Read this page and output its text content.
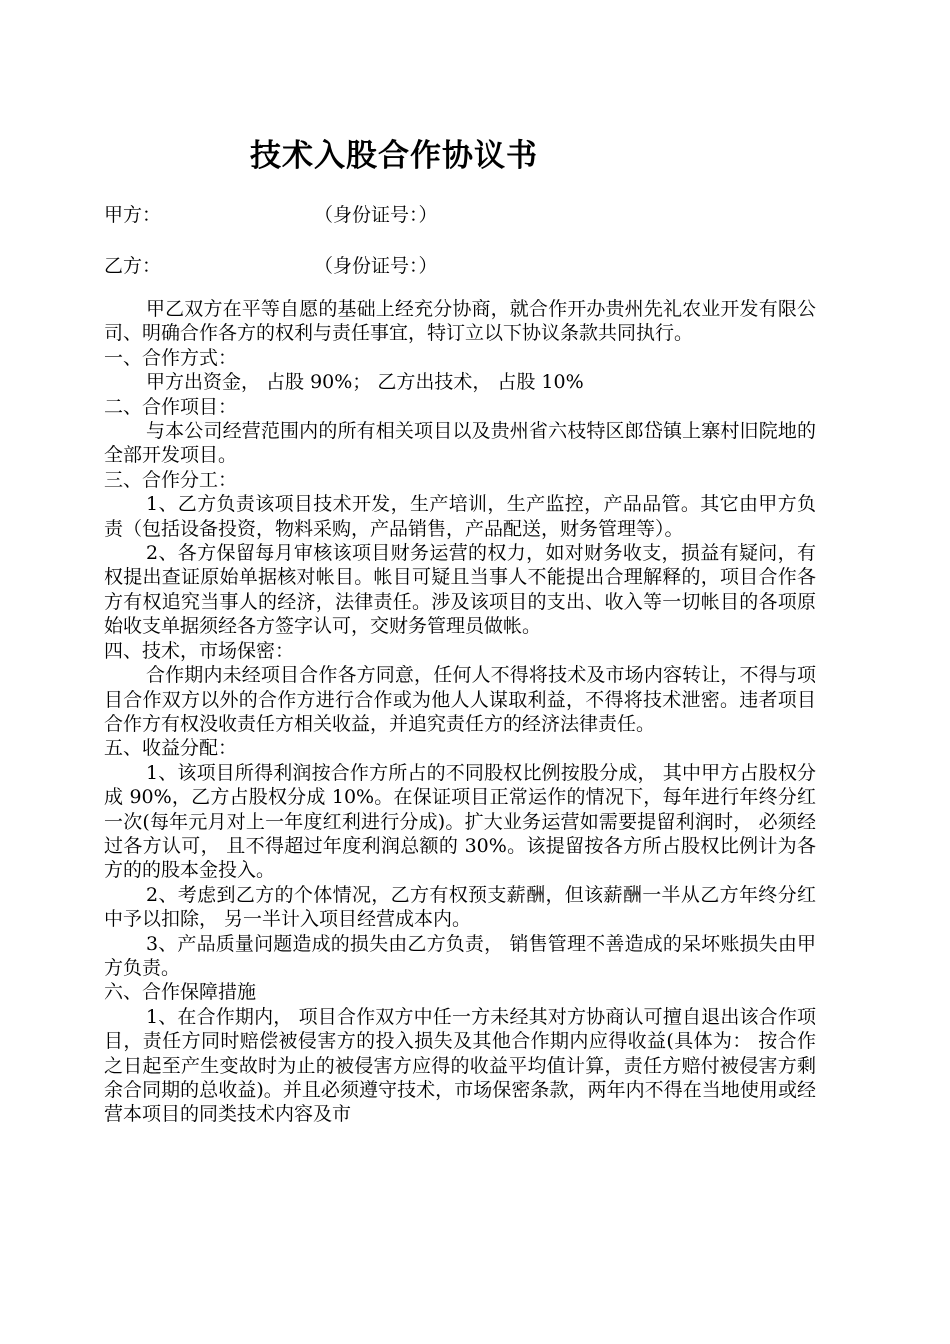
技术入股合作协议书
甲方：	（身份证号：）
乙方：	（身份证号：）

甲乙双方在平等自愿的基础上经充分协商，就合作开办贵州先礼农业开发有限公司、明确合作各方的权利与责任事宜，特订立以下协议条款共同执行。

一、合作方式：

甲方出资金， 占股 90%； 乙方出技术， 占股 10%

二、合作项目：

与本公司经营范围内的所有相关项目以及贵州省六枝特区郎岱镇上寨村旧院地的全部开发项目。

三、合作分工：

1、乙方负责该项目技术开发，生产培训，生产监控，产品品管。其它由甲方负责（包括设备投资，物料采购，产品销售，产品配送，财务管理等）。

2、各方保留每月审核该项目财务运营的权力，如对财务收支，损益有疑问，有权提出查证原始单据核对帐目。帐目可疑且当事人不能提出合理解释的，项目合作各方有权追究当事人的经济，法律责任。涉及该项目的支出、收入等一切帐目的各项原始收支单据须经各方签字认可，交财务管理员做帐。

四、技术，市场保密：

合作期内未经项目合作各方同意，任何人不得将技术及市场内容转让，不得与项目合作双方以外的合作方进行合作或为他人人谋取利益，不得将技术泄密。违者项目合作方有权没收责任方相关收益，并追究责任方的经济法律责任。

五、收益分配：

1、该项目所得利润按合作方所占的不同股权比例按股分成， 其中甲方占股权分成 90%，乙方占股权分成 10%。在保证项目正常运作的情况下，每年进行年终分红一次(每年元月对上一年度红利进行分成)。扩大业务运营如需要提留利润时， 必须经过各方认可， 且不得超过年度利润总额的 30%。该提留按各方所占股权比例计为各方的的股本金投入。

2、考虑到乙方的个体情况，乙方有权预支薪酬，但该薪酬一半从乙方年终分红中予以扣除， 另一半计入项目经营成本内。

3、产品质量问题造成的损失由乙方负责， 销售管理不善造成的呆坏账损失由甲方负责。

六、合作保障措施

1、在合作期内， 项目合作双方中任一方未经其对方协商认可擅自退出该合作项目，责任方同时赔偿被侵害方的投入损失及其他合作期内应得收益(具体为： 按合作之日起至产生变故时为止的被侵害方应得的收益平均值计算，责任方赔付被侵害方剩余合同期的总收益)。并且必须遵守技术，市场保密条款，两年内不得在当地使用或经营本项目的同类技术内容及市
